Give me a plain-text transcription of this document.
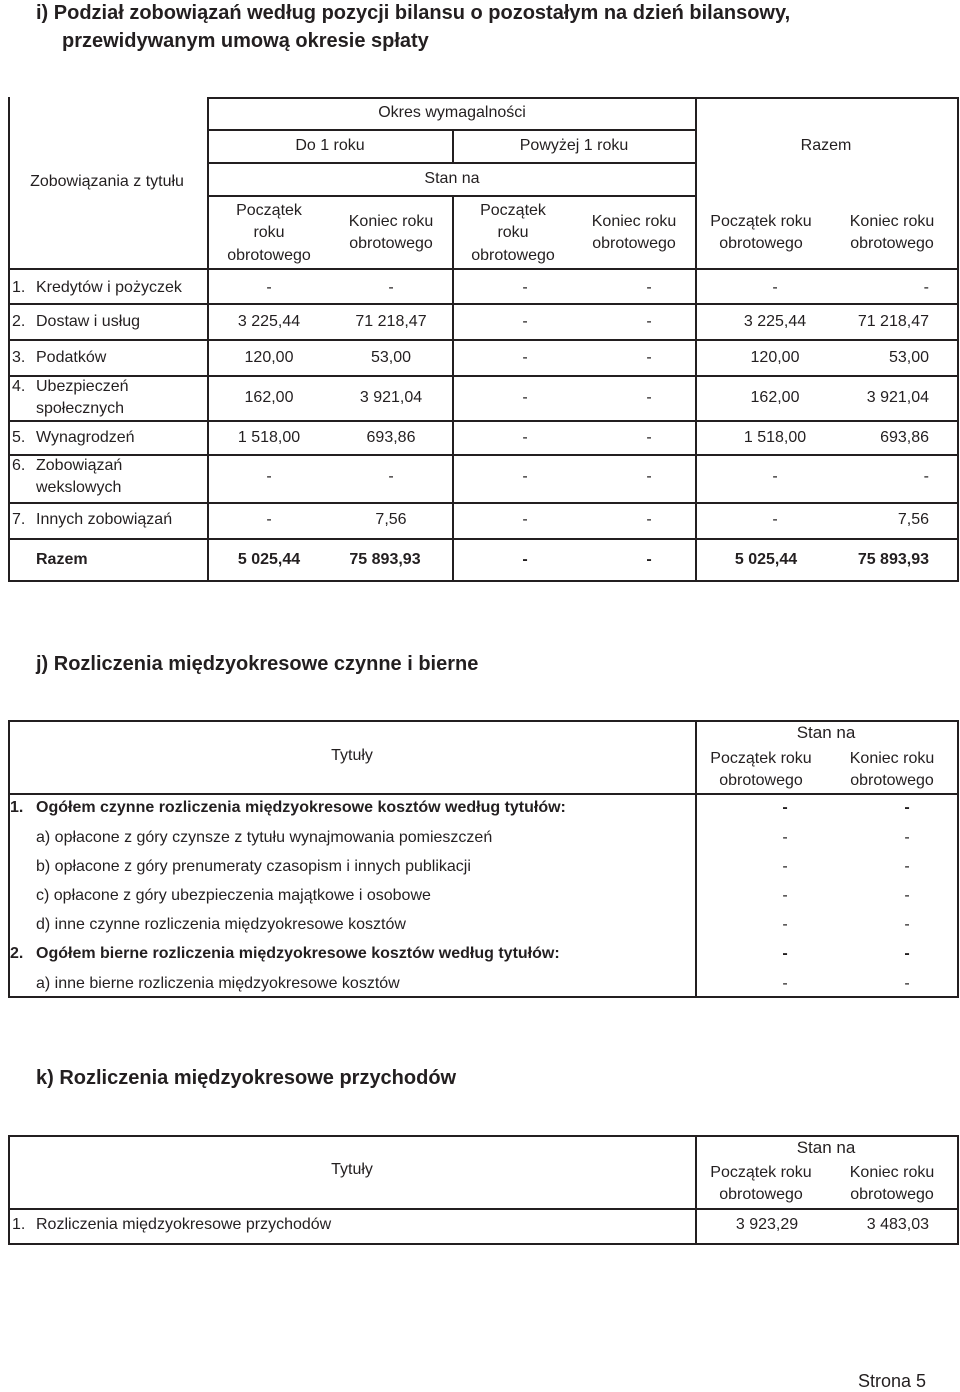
i) Podział zobowiązań według pozycji bilansu o pozostałym na dzień bilansowy,
przewidywanym umową okresie spłaty
Okres wymagalności
Do 1 roku	Powyżej 1 roku	Razem
Zobowiązania z tytułu	Stan na
Początek
roku
obrotowego
Koniec roku
obrotowego
Początek
roku
obrotowego
Koniec roku
obrotowego
Początek roku
obrotowego
Koniec roku
obrotowego
1. Kredytów i pożyczek	-	-	-	-	-	-
2. Dostaw i usług	3 225,44	71 218,47	-	-	3 225,44	71 218,47
3. Podatków	120,00	53,00	-	-	120,00	53,00
4. Ubezpieczeń
społecznych
162,00	3 921,04	-	-	162,00	3 921,04
5. Wynagrodzeń	1 518,00	693,86	-	-	1 518,00	693,86
6. Zobowiązań
wekslowych
-	-	-	-	-	-
7. Innych zobowiązań	-	7,56	-	-	-	7,56
Razem	5 025,44	75 893,93	-	-	5 025,44	75 893,93
j) Rozliczenia międzyokresowe czynne i bierne
Tytuły
Stan na
Początek roku
obrotowego
Koniec roku
obrotowego
1. Ogółem czynne rozliczenia międzyokresowe kosztów według tytułów:	-	-
a) opłacone z góry czynsze z tytułu wynajmowania pomieszczeń	-	-
b) opłacone z góry prenumeraty czasopism i innych publikacji	-	-
c) opłacone z góry ubezpieczenia majątkowe i osobowe	-	-
d) inne czynne rozliczenia międzyokresowe kosztów	-	-
2. Ogółem bierne rozliczenia międzyokresowe kosztów według tytułów:	-	-
a) inne bierne rozliczenia międzyokresowe kosztów	-	-
k) Rozliczenia międzyokresowe przychodów
Tytuły
Stan na
Początek roku
obrotowego
Koniec roku
obrotowego
1. Rozliczenia międzyokresowe przychodów	3 923,29	3 483,03
Strona 5
